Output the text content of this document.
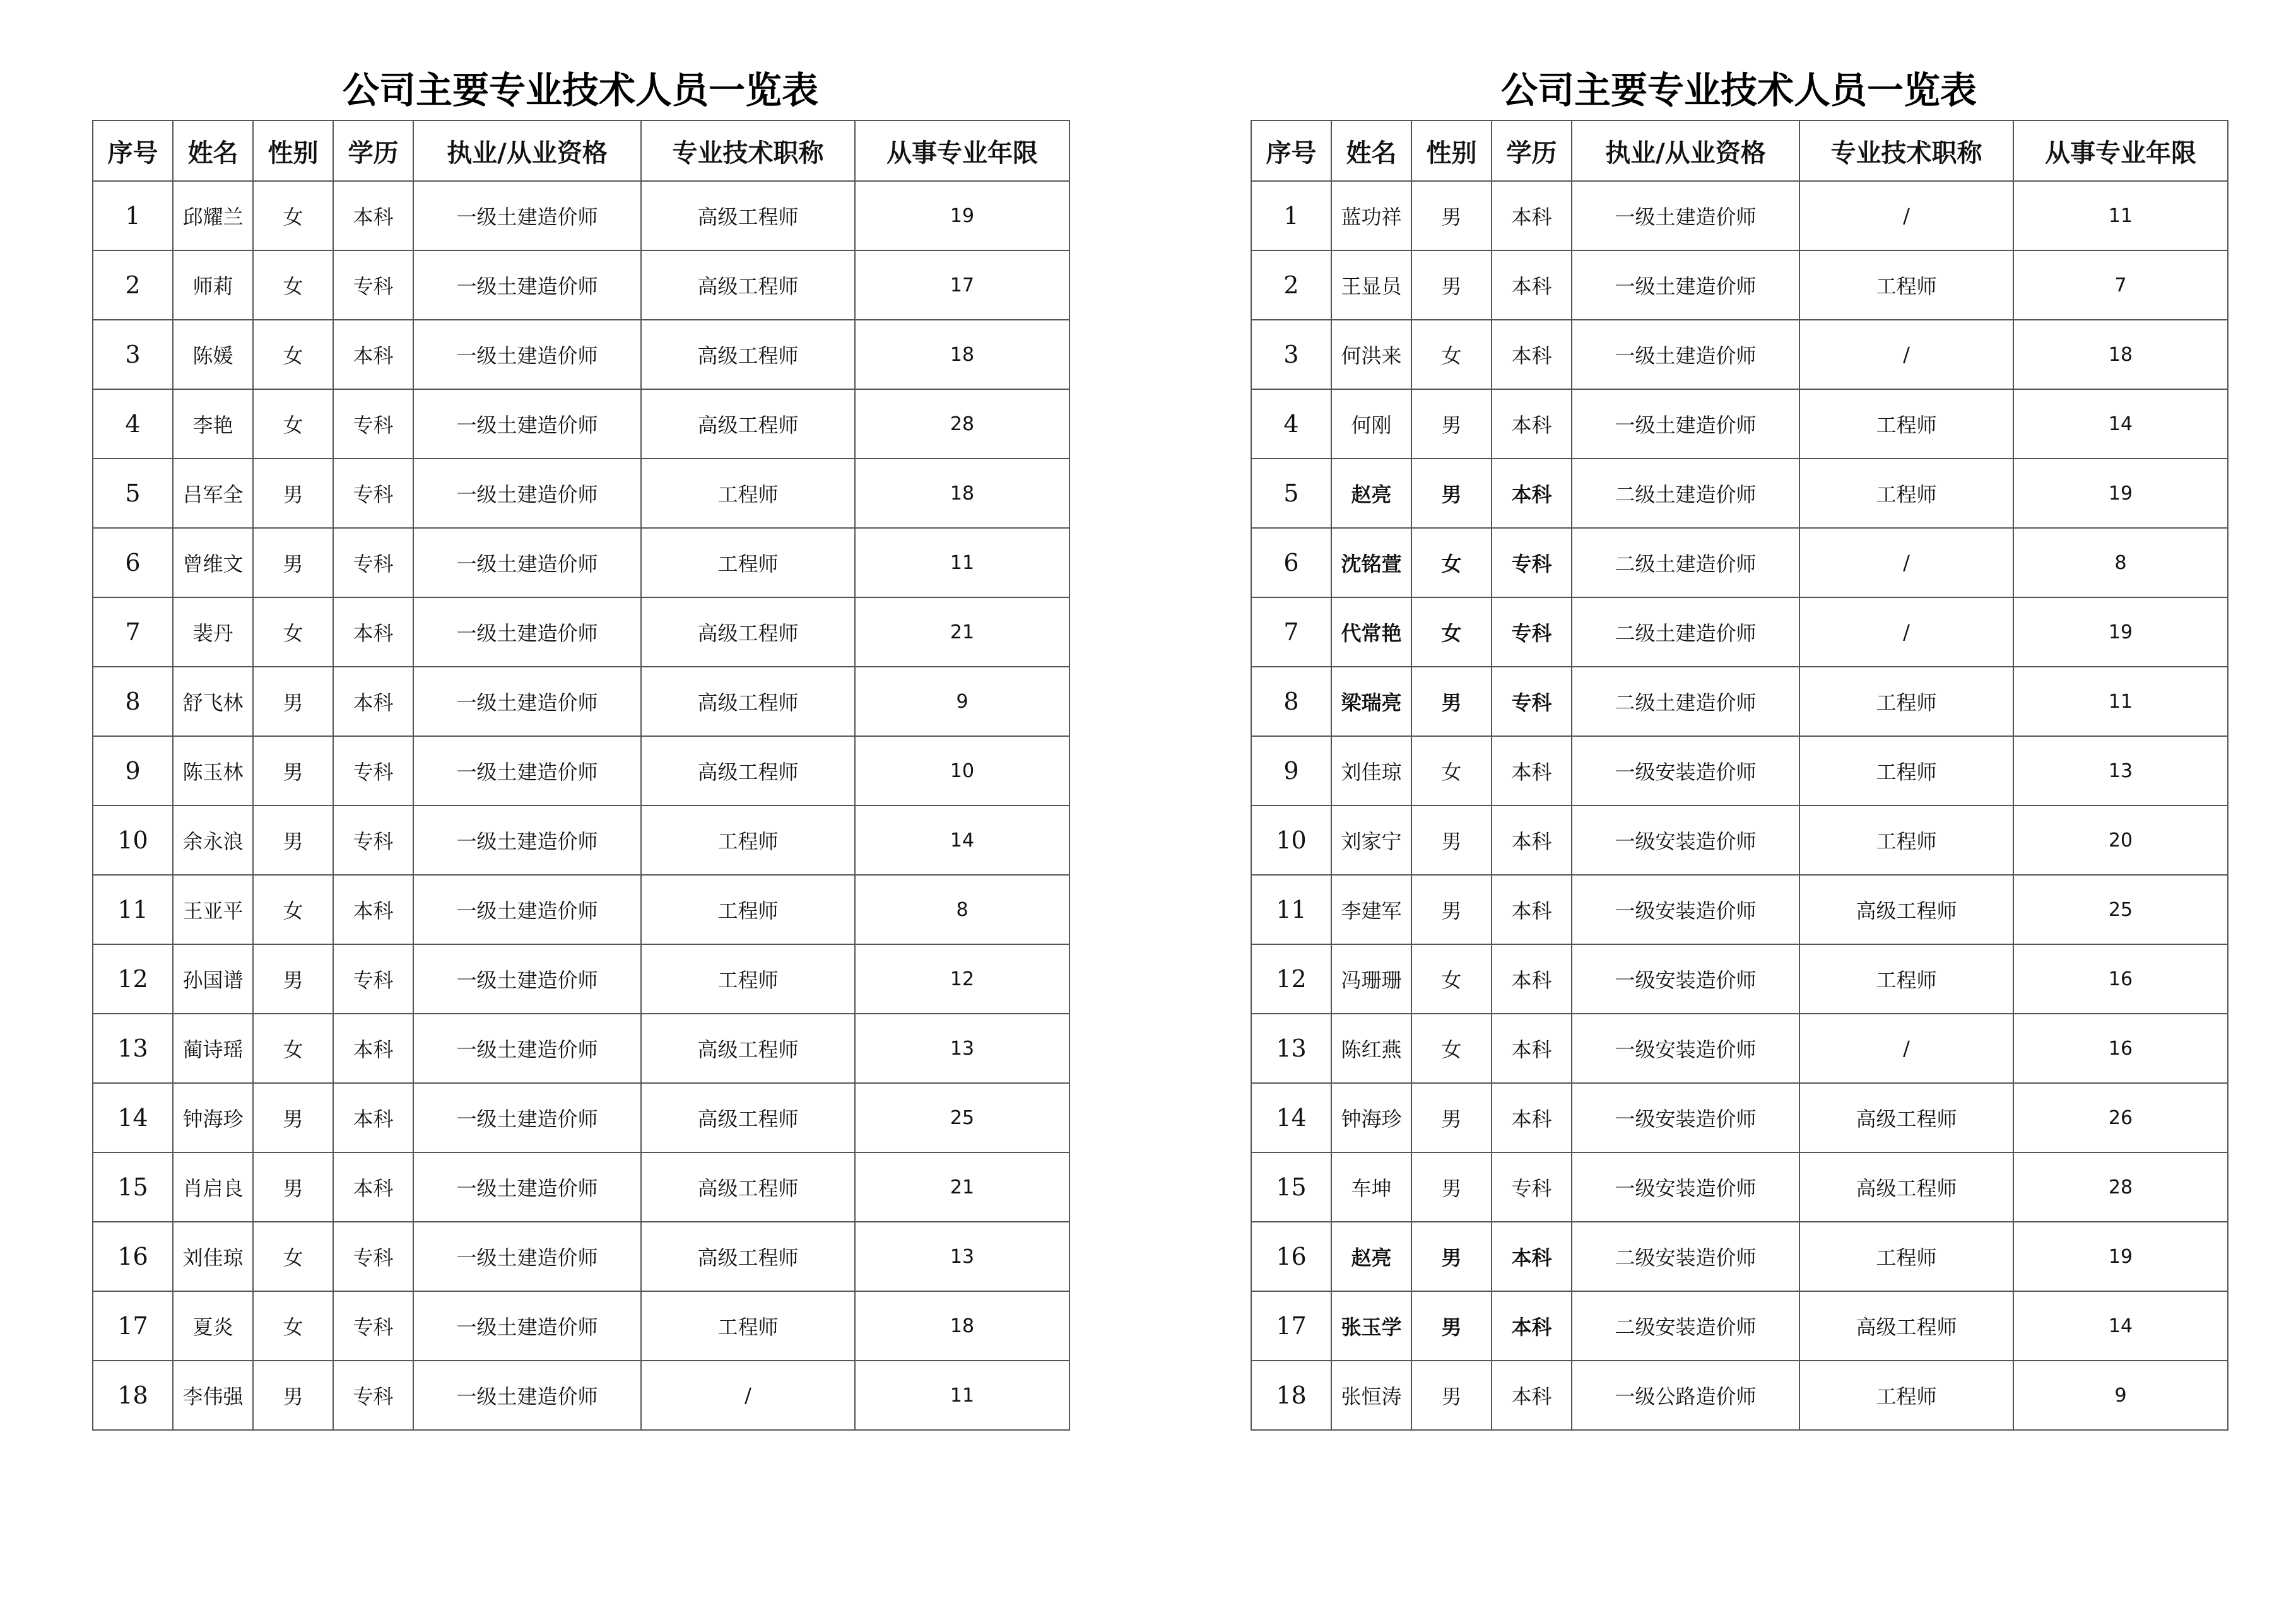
公司主要专业技术人员一览表
序号	姓名	性别	学历	执业/从业资格	专业技术职称	从事专业年限
1	邱耀兰	女	本科	一级土建造价师	高级工程师	19
2	师莉	女	专科	一级土建造价师	高级工程师	17
3	陈媛	女	本科	一级土建造价师	高级工程师	18
4	李艳	女	专科	一级土建造价师	高级工程师	28
5	吕军全	男	专科	一级土建造价师	工程师	18
6	曾维文	男	专科	一级土建造价师	工程师	11
7	裴丹	女	本科	一级土建造价师	高级工程师	21
8	舒飞林	男	本科	一级土建造价师	高级工程师	9
9	陈玉林	男	专科	一级土建造价师	高级工程师	10
10	余永浪	男	专科	一级土建造价师	工程师	14
11	王亚平	女	本科	一级土建造价师	工程师	8
12	孙国谱	男	专科	一级土建造价师	工程师	12
13	蔺诗瑶	女	本科	一级土建造价师	高级工程师	13
14	钟海珍	男	本科	一级土建造价师	高级工程师	25
15	肖启良	男	本科	一级土建造价师	高级工程师	21
16	刘佳琼	女	专科	一级土建造价师	高级工程师	13
17	夏炎	女	专科	一级土建造价师	工程师	18
18	李伟强	男	专科	一级土建造价师	/	11
公司主要专业技术人员一览表
序号	姓名	性别	学历	执业/从业资格	专业技术职称	从事专业年限
1	蓝功祥	男	本科	一级土建造价师	/	11
2	王显员	男	本科	一级土建造价师	工程师	7
3	何洪来	女	本科	一级土建造价师	/	18
4	何刚	男	本科	一级土建造价师	工程师	14
5	赵亮	男	本科	二级土建造价师	工程师	19
6	沈铭萱	女	专科	二级土建造价师	/	8
7	代常艳	女	专科	二级土建造价师	/	19
8	梁瑞亮	男	专科	二级土建造价师	工程师	11
9	刘佳琼	女	本科	一级安装造价师	工程师	13
10	刘家宁	男	本科	一级安装造价师	工程师	20
11	李建军	男	本科	一级安装造价师	高级工程师	25
12	冯珊珊	女	本科	一级安装造价师	工程师	16
13	陈红燕	女	本科	一级安装造价师	/	16
14	钟海珍	男	本科	一级安装造价师	高级工程师	26
15	车坤	男	专科	一级安装造价师	高级工程师	28
16	赵亮	男	本科	二级安装造价师	工程师	19
17	张玉学	男	本科	二级安装造价师	高级工程师	14
18	张恒涛	男	本科	一级公路造价师	工程师	9
